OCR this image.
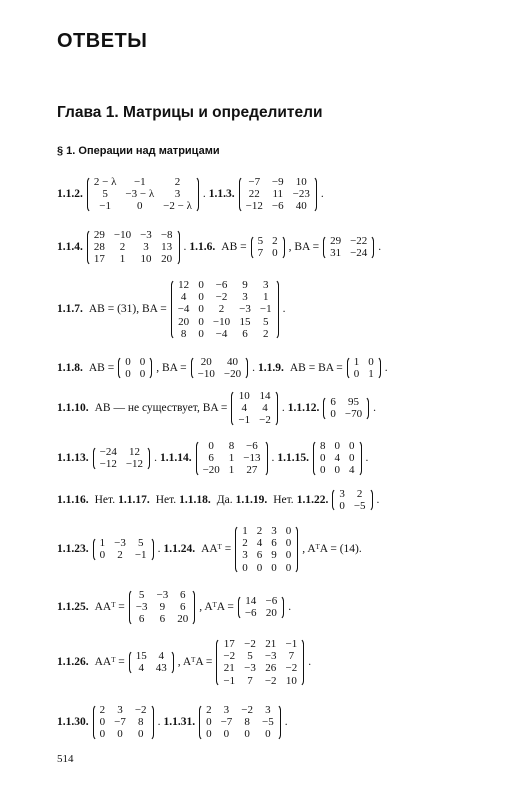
ОТВЕТЫ
Глава 1. Матрицы и определители
§ 1. Операции над матрицами
1.1.2.
2 − λ	−1	2
5	−3 − λ	3
−1	0	−2 − λ
. 1.1.3.
−7 −9 10
22 11 −23
−12 −6 40
.
1.1.4.
29 −10 −3 −8
28	2	3 13
17	1	10 20
. 1.1.6. AB = 5 2
7 0
, BA = 29 −22
31 −24
.
1.1.7. AB = (31), BA =
12 0 −6 9 3
4 0 −2 3 1
−4 0	2	−3 −1
20 0 −10 15 5
8 0 −4 6 2
.
1.1.8. AB = 0 0
0 0
, BA = 20 40
−10 −20
. 1.1.9. AB = BA = 1 0
0 1
.
1.1.10. AB — не существует, BA =
10 14
4 4
−1 −2
. 1.1.12. 6 95
0 −70
.
1.1.13. −24 12
−12 −12
. 1.1.14.
0	8 −6
6	1 −13
−20 1 27
. 1.1.15.
8 0 0
0 4 0
0 0 4
.
1.1.16. Нет. 1.1.17. Нет. 1.1.18. Да. 1.1.19. Нет. 1.1.22. 3 2
0 −5
.
1.1.23. 1 −3 5
0 2 −1
. 1.1.24. AAᵀ =
1 2 3 0
2 4 6 0
3 6 9 0
0 0 0 0
, AᵀA = (14).
1.1.25. AAᵀ =
5 −3 6
−3 9 6
6 6 20
, AᵀA = 14 −6
−6 20
.
1.1.26. AAᵀ = 15 4
4 43
, AᵀA =
17 −2 21 −1
−2 5 −3 7
21 −3 26 −2
−1 7 −2 10
.
1.1.30.
2 3 −2
0 −7 8
0 0 0
. 1.1.31.
2 3 −2 3
0 −7 8 −5
0 0 0 0
.
514
